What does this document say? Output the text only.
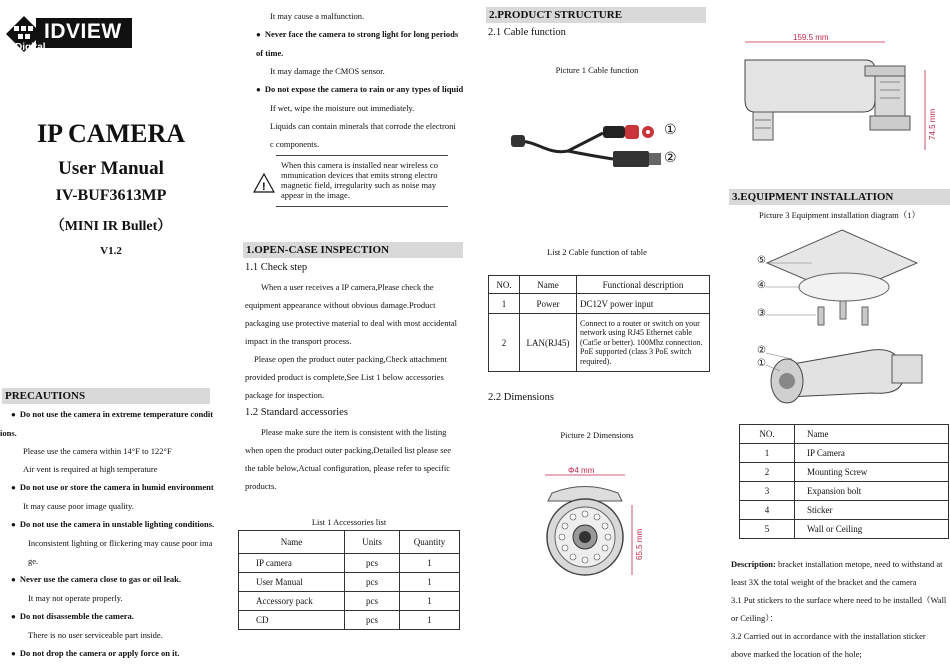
IDVIEW
Digital
IP CAMERA
User Manual
IV-BUF3613MP
（MINI IR Bullet）
V1.2
PRECAUTIONS
● Do not use the camera in extreme temperature condit
ions.
Please use the camera within 14°F to 122°F
Air vent is required at high temperature
● Do not use or store the camera in humid environment
It may cause poor image quality.
● Do not use the camera in unstable lighting conditions.
Inconsistent lighting or flickering may cause poor ima
ge.
● Never use the camera close to gas or oil leak.
It may not operate properly.
● Do not disassemble the camera.
There is no user serviceable part inside.
● Do not drop the camera or apply force on it.
It may cause a malfunction.
● Never face the camera to strong light for long periods
of time.
It may damage the CMOS sensor.
● Do not expose the camera to rain or any types of liquid
If wet, wipe the moisture out immediately.
Liquids can contain minerals that corrode the electroni
c components.
!
When this camera is installed near wireless co mmunication devices that emits strong electro magnetic field, irregularity such as noise may appear in the image.
1.OPEN-CASE INSPECTION
1.1 Check step
When a user receives a IP camera,Please check the
equipment appearance without obvious damage.Product
packaging use protective material to deal with most accidental
impact in the transport process.
Please open the product outer packing,Check attachment
provided product is complete,See List 1 below accessories
package for inspection.
1.2 Standard accessories
Please make sure the item is consistent with the listing
when open the product outer packing,Detailed list please see
the table below,Actual configuration, please refer to specific
products.
List 1 Accessories list
Name	Units	Quantity
IP camera	pcs	1
User Manual	pcs	1
Accessory pack	pcs	1
CD	pcs	1
2.PRODUCT STRUCTURE
2.1 Cable function
Picture 1 Cable function
①
②
List 2 Cable function of table
NO.	Name	Functional description
1	Power	DC12V power input
2	LAN(RJ45)	Connect to a router or switch on your network using RJ45 Ethernet cable (Cat5e or better). 100Mhz connection. PoE supported (class 3 PoE switch required).
2.2 Dimensions
Picture 2 Dimensions
Φ4 mm
65.5 mm
159.5 mm
74.5 mm
3.EQUIPMENT INSTALLATION
Picture 3 Equipment installation diagram（1）
⑤
④
③
②
①
NO.	Name
1	IP Camera
2	Mounting Screw
3	Expansion bolt
4	Sticker
5	Wall or Ceiling
Description: bracket installation metope, need to withstand at
least 3X the total weight of the bracket and the camera
3.1 Put stickers to the surface where need to be installed（Wall
or Ceiling）：
3.2 Carried out in accordance with the installation sticker
above marked the location of the hole;
